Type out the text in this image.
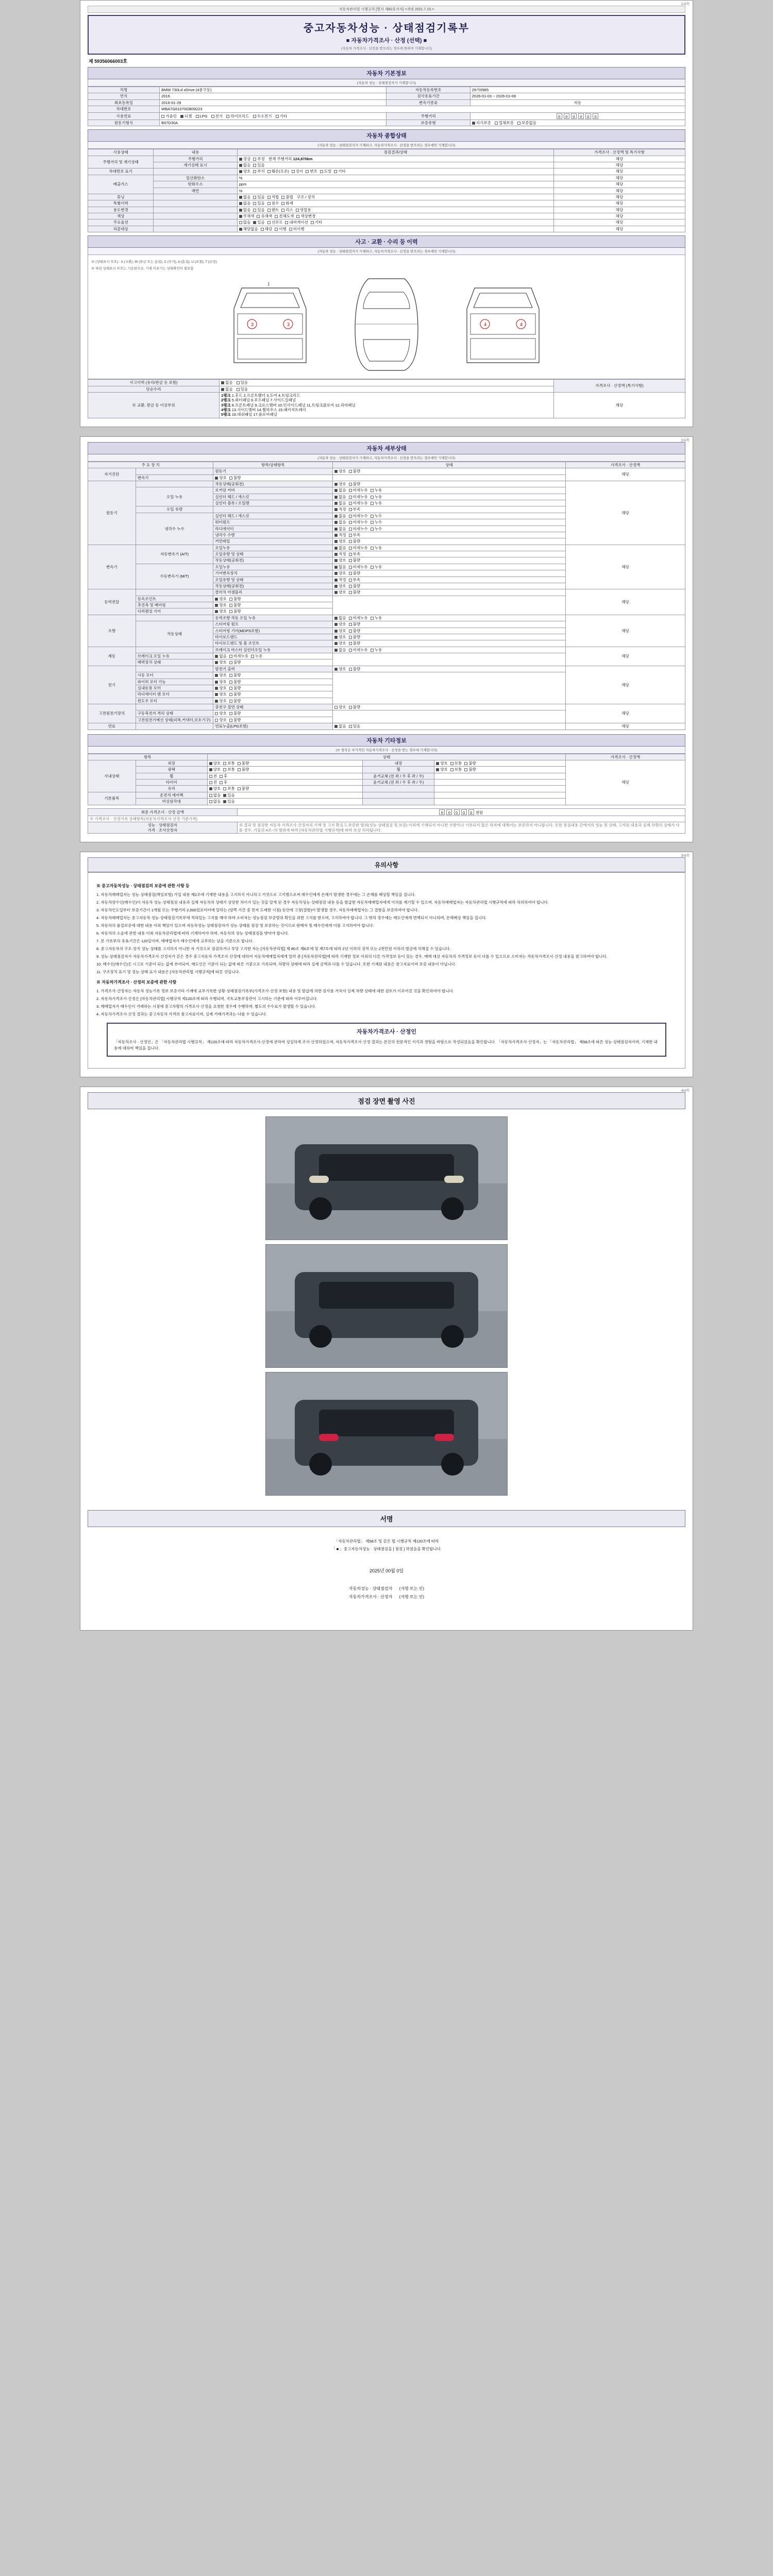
1/4쪽
자동차관리법 시행규칙 [별지 제82호서식] <개정 2021.7.15.>
중고자동차성능 · 상태점검기록부
■ 자동차가격조사 · 산정 (선택) ■
(자동차 가격조사 · 산정을 받으려는 경우에 한하여 기재합니다)
제 59356066003호
자동차 기본정보
(자동차 성능 · 상태점검자가 기재합니다)
차명	BMW 730Ld xDrive (4륜구동)	자동차등록번호	29가0985
연식	2016	검사유효기간	2026-01-03 ~ 2026-01-08
최초등록일	2016-01-29	변속기종류	자동
차대번호	WBA7G61070GB09223		
사용연료	가솔린 디젤 LPG 전기 하이브리드 수소전기 기타	주행거리	0 0 0 0 0 0
원동기형식	B57D30A	보증유형	자가보증 업체보증 보증없음
자동차 종합상태
(자동차 성능 · 상태점검자가 기재하고, 자동차가격조사 · 산정을 받으려는 경우에만 기재합니다)
사용상태	내용	점검결과/상태	가격조사 · 산정액 및 특기사항
주행거리 및 계기상태	주행거리	정상 부정 현재 주행거리 124,870km	해당
	계기상태 표시	없음 있음	해당
차대번호 표기		양호 부식 훼손(오손) 상이 변조 도말 기타	해당
배출가스	일산화탄소	%	해당
	탄화수소	ppm	해당
	매연	%	해당
튜닝		없음 있음 적법 불법 구조 / 장치	해당
특별이력		없음 있음 침수 화재	해당
용도변경		없음 있음 렌트 리스 영업용	해당
색상		무채색 유채색 전체도색 색상변경	해당
주요옵션		없음 있음 선루프 내비게이션 기타	해당
리콜대상		해당없음 해당 이행 미이행	해당
사고 · 교환 · 수리 등 이력
(자동차 성능 · 상태점검자가 기재하고, 자동차가격조사 · 산정을 받으려는 경우에만 기재합니다)
※ (상태표시 부호) : X (교환), W (판금 또는 용접), C (부식), A (흠집), U (요철), T (손상)
※ 하단 상태표시 부호는 기준판으로, 기재 미표기는 상태확인이 필요함
3	3
1
4	4
사고이력 (유리/판금 등 포함)	없음 있음	가격조사 · 산정액 (특기사항)
단순수리	없음 있음	
※ 교환, 판금 등 이상부위	1랭크 1.후드 2.프론트휀더 3.도어 4.트렁크리드
2랭크 5.쿼터패널 6.루프패널 7.사이드실패널
3랭크 8.프론트패널 9.크로스멤버 10.인사이드패널 11.트렁크플로어 12.리어패널
4랭크 13.사이드멤버 14.휠하우스 15.패키지트레이
5랭크 16.대쉬패널 17.플로어패널	해당
2/4쪽
자동차 세부상태
(자동차 성능 · 상태점검자가 기재하고, 자동차가격조사 · 산정을 받으려는 경우에만 기재합니다)
주 요 장 치		항목/상태항목	상태	가격조사 · 산정액
자기진단		원동기	양호 불량	해당
	변속기	양호 불량		
원동기		작동상태(공회전)	양호 불량	해당
	오일 누유	로커암 커버	없음 미세누유 누유	
		실린더 헤드 / 개스킷	없음 미세누유 누유	
		실린더 블록 / 오일팬	없음 미세누유 누유	
	오일 유량		적정 부족	
	냉각수 누수	실린더 헤드 / 개스킷	없음 미세누수 누수	
		워터펌프	없음 미세누수 누수	
		라디에이터	없음 미세누수 누수	
		냉각수 수량	적정 부족	
		커먼레일	양호 불량	
변속기	자동변속기 (A/T)	오일누유	없음 미세누유 누유	해당
		오일유량 및 상태	적정 부족	
		작동상태(공회전)	양호 불량	
	수동변속기 (M/T)	오일누유	없음 미세누유 누유	
		기어변속장치	양호 불량	
		오일유량 및 상태	적정 부족	
		작동상태(공회전)	양호 불량	
동력전달		클러치 어셈블리	양호 불량	해당
	등속조인트	양호 불량		
	추진축 및 베어링	양호 불량		
	디퍼렌셜 기어	양호 불량		
조향		동력조향 작동 오일 누유	없음 미세누유 누유	해당
	작동상태	스티어링 펌프	양호 불량	
		스티어링 기어(MDPS포함)	양호 불량	
		타이로드엔드	양호 불량	
		타이로드엔드 및 볼 조인트	양호 불량	
제동		브레이크 마스터 실린더오일 누유	없음 미세누유 누유	해당
	브레이크 오일 누유	없음 미세누유 누유		
	배력장치 상태	양호 불량		
전기		발전기 출력	양호 불량	해당
	시동 모터	양호 불량		
	와이퍼 모터 기능	양호 불량		
	실내송풍 모터	양호 불량		
	라디에이터 팬 모터	양호 불량		
	윈도우 모터	양호 불량		
고전원전기장치		충전구 절연 상태	양호 불량	해당
	구동축전지 격리 상태	양호 불량		
	고전원전기배선 상태(피복,커넥터,보호기구)	양호 불량		
연료		연료누출(LPG포함)	없음 있음	해당
자동차 기타정보
(※ 항목은 부가적인 자동차가격조사 · 산정을 받는 경우에 기재합니다)
항목		상태			가격조사 · 산정액
사내상태	외장	양호 보통 불량	내장	양호 보통 불량	해당
	광택	양호 보통 불량	휠	양호 보통 불량	
	휠	전 후	윤거교체 (전 좌 / 우 후 좌 / 우)		
	타이어	전 후	윤거교체 (전 좌 / 우 후 좌 / 우)		
	유리	양호 보통 불량			
기본품목	운전석 에어백	없음 있음			
	비상삼각대	없음 있음			
최종 가격조사 · 산정 금액	0 0 0 0 0 천원
※ 가격조사 · 산정기록 상태항목(자동차가격조사·산정 기준가격)	

성능 · 상태점검자
가격 · 조사산정자	위 결과 및 점검한 자동차 가격조사·산정자의 기재 및 고지 확실고 보증한 범위(성능·상태점검 및 보증) 이외에 기재되지 아니한 사항이나 기록되지 않은 하자에 대해서는 보증하지 아니합니다. 또한 점검내용 간에서의 성능 및 상태, 고지된 내용과 실제 차량의 상태가 다를 경우, 기물권 4조~의 범위에 따라 [자동차관리법 시행규칙]에 따라 보상 처리됩니다.
3/4쪽
유의사항
※ 중고자동차성능 · 상태점검의 보증에 관한 사항 등
1. 자동차매매업자는 성능·상태점검(책임보험) 가입 내용 제2조에 기재한 내용을 고지하지 아니하고 거짓으로 고지했으로써 매수인에게 손해가 발생한 경우에는 그 손해를 배상할 책임을 집니다.
2. 자동차양수인(매수인)이 자동차 성능·상태점검 내용과 실제 자동차의 상태가 상당한 차이가 있는 것을 알게 된 경우 자동차성능·상태점검 내용 등을 발급한 자동차매매업자에게 이의를 제기할 수 있으며, 자동차매매업자는 자동차관리법 시행규칙에 따라 처리하여야 합니다.
3. 자동차인도일부터 보증기간이 1개월 또는 주행거리 2,000킬로미터에 달하는 (양쪽 기간 중 먼저 도래한 시점) 동안에 고장(결함)이 발생할 경우, 자동차매매업자는 그 결함을 보증하여야 합니다.
4. 자동차매매업자는 중고자동차 성능·상태점검기록부에 적혀있는 고지를 해야 하며 소비자는 성능점검 보증범위 확인을 위한 고지를 받으며, 고지하여야 합니다. 그 밖의 경우에는 매도인에게 면책되지 아니하며, 손해배상 책임을 집니다.
5. 자동차의 품질보증에 대한 내용 이외 책임이 있으며 자동차성능·상태점검자가 성능·상태를 점검 및 보증하는 것이므로 판매자 및 매수인에게 이를 고지하여야 합니다.
6. 자동차의 소음에 관한 내용 이외 자동차관리법에 따라 기재하여야 하며, 자동차의 성능·상태점검을 받아야 합니다.
7. 본 기록부의 유효기간은 120일이며, 매매업자가 매수인에게 교부하는 날을 기준으로 합니다.
8. 중고자동차의 구조·장치 성능·상태를 고지하지 아니한 자 거짓으로 점검하거나 부당 고지한 자는 [자동차관리법] 제 80조 제6호에 및 제7호에 따라 2년 이하의 징역 또는 2천만원 이하의 벌금에 처해질 수 있습니다.
9. 성능·상태점검자가 자동차가격조사·산정자가 같은 경우 중고자동차 가격조사·산정에 대하여 자동차매매업자에게 알려 준 [자동차관리법]에 따라 기재한 정보 이외의 다른 가격정보 등이 있는 경우, 매매 대상 자동차의 가격정보 등이 다를 수 있으므로 소비자는 자동차가격조사·산정 내용을 참고하여야 합니다.
10. 매수인(매수인)은 시고로 기준이 되는 값에 부여되어, 매도인은 기준이 되는 값에 따른 기준으로 기록되며, 차량의 상태에 따라 실제 금액과 다를 수 있습니다. 또한 기재된 내용은 참고자료이며 보증 내용이 아닙니다.
11. 구조장치 표기 및 성능·상태 표기 내용은 [자동차관리법 시행규칙]에 따른 것입니다.
※ 자동차가격조사 · 산정의 보증에 관한 사항
1. 가격조사·산정자는 자동차 성능기록 정보 보증기타 기재에 교부기록한 상황·상태점검기록부(가격조사·산정 포함) 내용 및 발급에 의한 검사를 거쳐서 실제 차량 상태에 대한 검토가 이루어진 것을 확인하여야 합니다.
2. 자동차가격조사·산정은 [자동차관리법] 시행규칙 제120조에 따라 수행되며, 국토교통부장관이 고시하는 기준에 따라 이루어집니다.
3. 매매업자가 매수인이 거래하는 시점에 중고차량의 가격조사·산정을 요청한 경우에 수행하며, 별도의 수수료가 발생할 수 있습니다.
4. 자동차가격조사·산정 결과는 중고자동차 가격의 참고자료이며, 실제 거래가격과는 다를 수 있습니다.
자동차가격조사 · 산정인
「자동차조사 · 산정인」은 「자동차관리법 시행규칙」 제120조에 따라 자동차가격조사·산정에 관하여 성실하게 조사·산정하였으며, 자동차가격조사·산정 결과는 본인의 전문적인 지식과 경험을 바탕으로 작성되었음을 확인합니다. 「자동차가격조사·산정자」는 「자동차관리법」 제58조에 따른 성능·상태점검자이며, 기재한 내용에 대하여 책임을 집니다.
4/4쪽
점검 장면 촬영 사진
서명
「자동차관리법」 제58조 및 같은 법 시행규칙 제120조에 따라
「 ■ 」중고자동차성능 · 상태점검을 [ 점검 ] 하였음을 확인합니다.
2025년 00월 0일
자동차성능 · 상태점검자 (서명 또는 인)
자동차가격조사 · 산정자 (서명 또는 인)
